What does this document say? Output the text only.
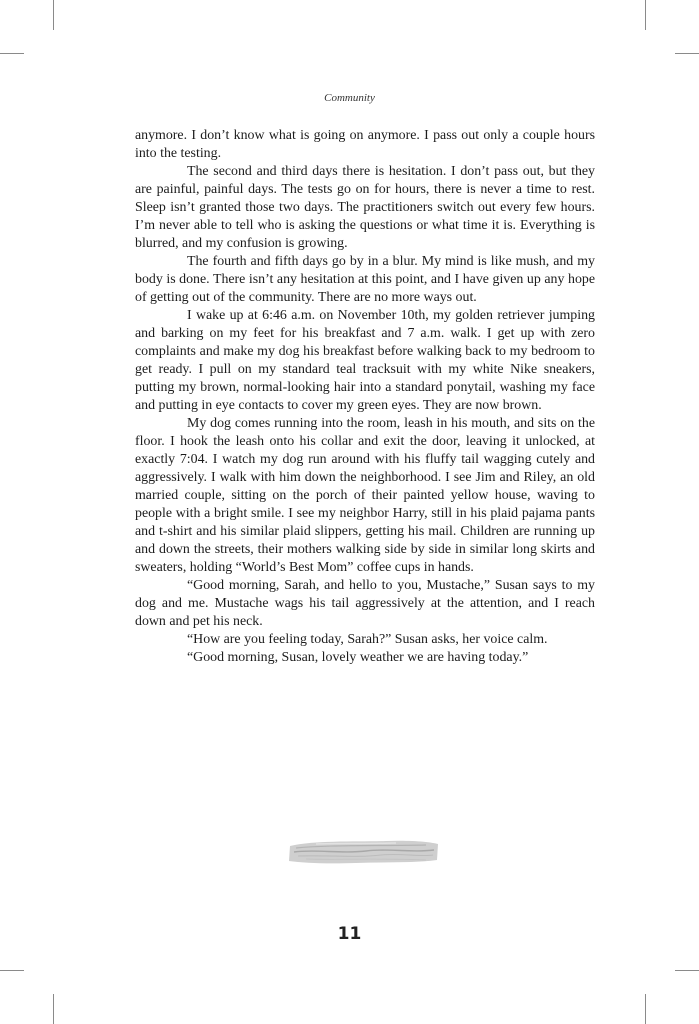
Community

anymore. I don’t know what is going on anymore. I pass out only a couple hours into the testing.

The second and third days there is hesitation. I don’t pass out, but they are painful, painful days. The tests go on for hours, there is never a time to rest. Sleep isn’t granted those two days. The practitioners switch out every few hours. I’m never able to tell who is asking the questions or what time it is. Everything is blurred, and my confusion is growing.

The fourth and fifth days go by in a blur. My mind is like mush, and my body is done. There isn’t any hesitation at this point, and I have given up any hope of getting out of the community. There are no more ways out.

I wake up at 6:46 a.m. on November 10th, my golden retriever jumping and barking on my feet for his breakfast and 7 a.m. walk. I get up with zero complaints and make my dog his breakfast before walking back to my bedroom to get ready. I pull on my standard teal tracksuit with my white Nike sneakers, putting my brown, normal-looking hair into a standard ponytail, washing my face and putting in eye contacts to cover my green eyes. They are now brown.

My dog comes running into the room, leash in his mouth, and sits on the floor. I hook the leash onto his collar and exit the door, leaving it unlocked, at exactly 7:04. I watch my dog run around with his fluffy tail wagging cutely and aggressively. I walk with him down the neighborhood. I see Jim and Riley, an old married couple, sitting on the porch of their painted yellow house, waving to people with a bright smile. I see my neighbor Harry, still in his plaid pajama pants and t-shirt and his similar plaid slippers, getting his mail. Children are running up and down the streets, their mothers walking side by side in similar long skirts and sweaters, holding “World’s Best Mom” coffee cups in hands.

“Good morning, Sarah, and hello to you, Mustache,” Susan says to my dog and me. Mustache wags his tail aggressively at the attention, and I reach down and pet his neck.

“How are you feeling today, Sarah?” Susan asks, her voice calm.

“Good morning, Susan, lovely weather we are having today.”

11
